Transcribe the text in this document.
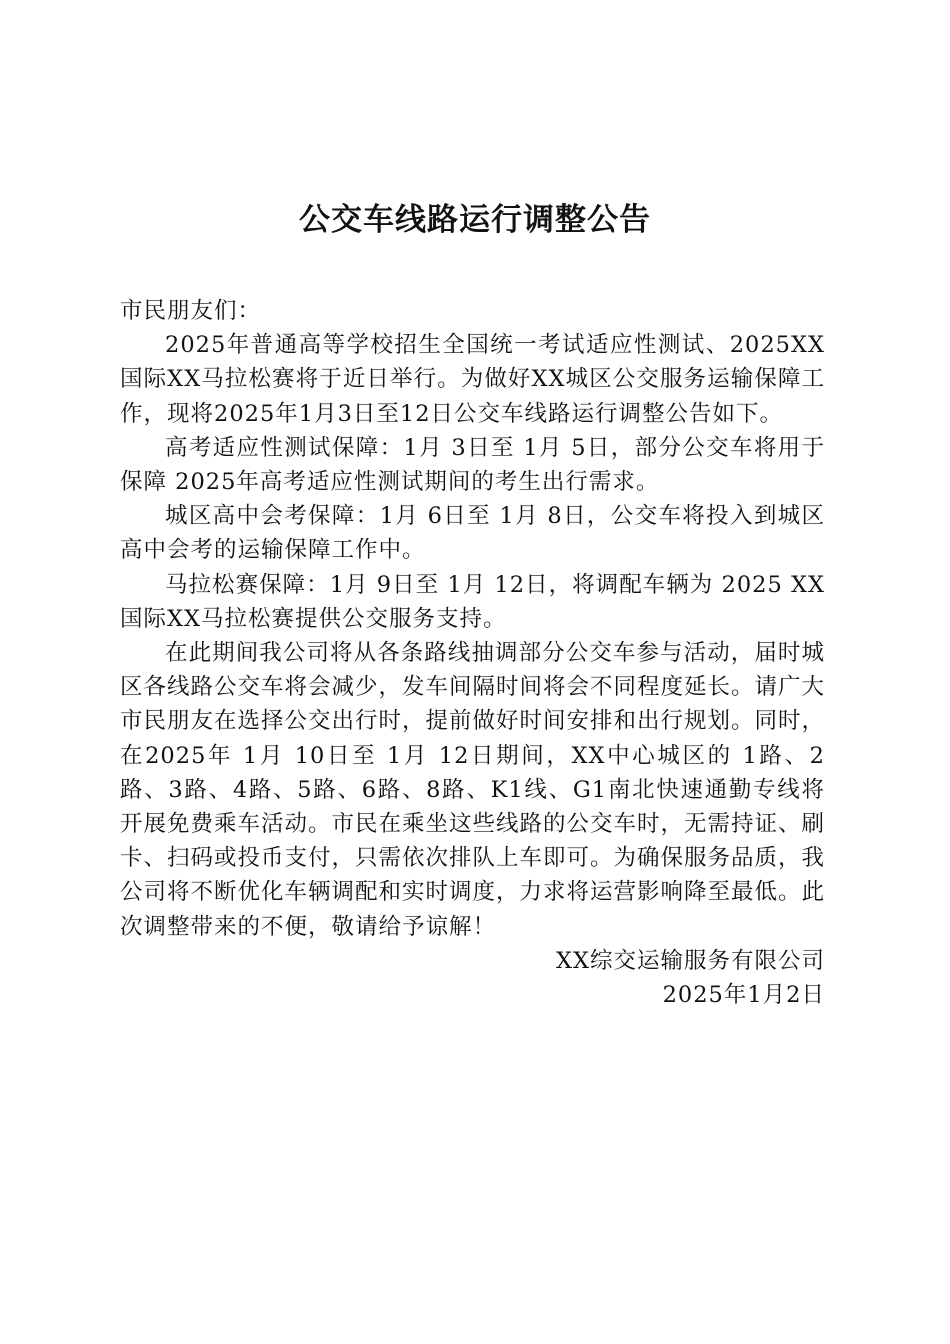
公交车线路运行调整公告

市民朋友们：

2025年普通高等学校招生全国统一考试适应性测试、2025XX国际XX马拉松赛将于近日举行。为做好XX城区公交服务运输保障工作，现将2025年1月3日至12日公交车线路运行调整公告如下。

高考适应性测试保障：1月 3日至 1月 5日，部分公交车将用于保障 2025年高考适应性测试期间的考生出行需求。

城区高中会考保障：1月 6日至 1月 8日，公交车将投入到城区高中会考的运输保障工作中。

马拉松赛保障：1月 9日至 1月 12日，将调配车辆为 2025 XX国际XX马拉松赛提供公交服务支持。

在此期间我公司将从各条路线抽调部分公交车参与活动，届时城区各线路公交车将会减少，发车间隔时间将会不同程度延长。请广大市民朋友在选择公交出行时，提前做好时间安排和出行规划。同时，在2025年 1月 10日至 1月 12日期间，XX中心城区的 1路、2路、3路、4路、5路、6路、8路、K1线、G1南北快速通勤专线将开展免费乘车活动。市民在乘坐这些线路的公交车时，无需持证、刷卡、扫码或投币支付，只需依次排队上车即可。为确保服务品质，我公司将不断优化车辆调配和实时调度，力求将运营影响降至最低。此次调整带来的不便，敬请给予谅解！

XX综交运输服务有限公司
2025年1月2日
